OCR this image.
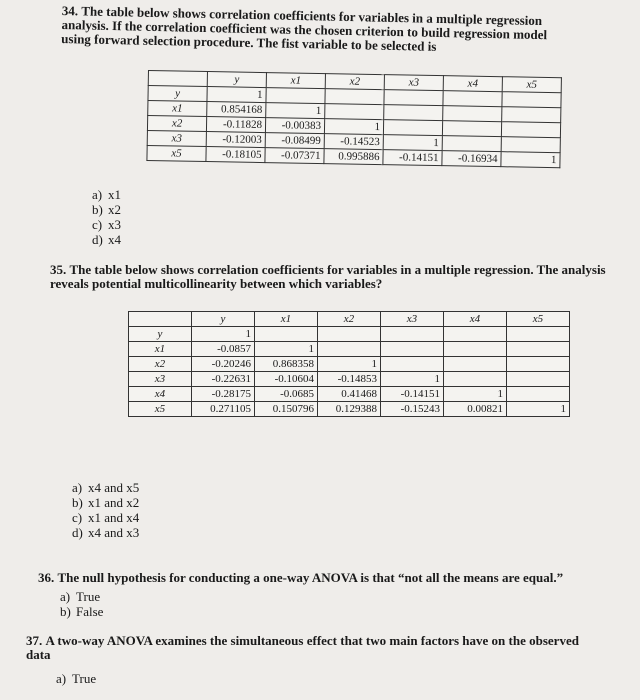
34. The table below shows correlation coefficients for variables in a multiple regression analysis. If the correlation coefficient was the chosen criterion to build regression model using forward selection procedure. The fist variable to be selected is
	y	x1	x2	x3	x4	x5
y	1					
x1	0.854168	1				
x2	-0.11828	-0.00383	1			
x3	-0.12003	-0.08499	-0.14523	1		
x5	-0.18105	-0.07371	0.995886	-0.14151	-0.16934	1
a) x1
b) x2
c) x3
d) x4
35. The table below shows correlation coefficients for variables in a multiple regression. The analysis reveals potential multicollinearity between which variables?
	y	x1	x2	x3	x4	x5
y	1					
x1	-0.0857	1				
x2	-0.20246	0.868358	1			
x3	-0.22631	-0.10604	-0.14853	1		
x4	-0.28175	-0.0685	0.41468	-0.14151	1	
x5	0.271105	0.150796	0.129388	-0.15243	0.00821	1
a) x4 and x5
b) x1 and x2
c) x1 and x4
d) x4 and x3
36. The null hypothesis for conducting a one-way ANOVA is that “not all the means are equal.”
a) True
b) False
37. A two-way ANOVA examines the simultaneous effect that two main factors have on the observed data
a) True
